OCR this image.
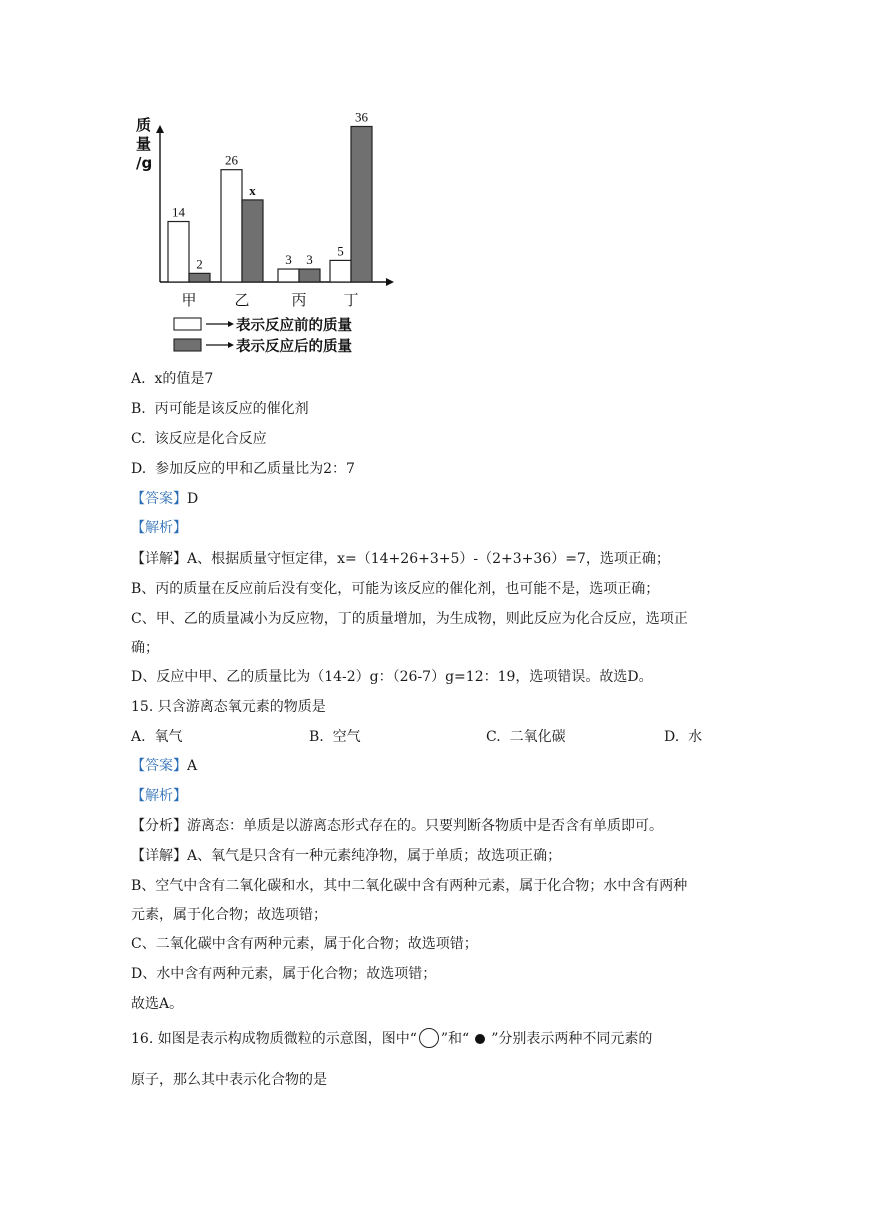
质
量
/g
14
2
甲
26
x
乙
3 3
丙
5
36
丁
表示反应前的质量
表示反应后的质量
A. x的值是7
B. 丙可能是该反应的催化剂
C. 该反应是化合反应
D. 参加反应的甲和乙质量比为2：7
【答案】D
【解析】
【详解】A、根据质量守恒定律，x=（14+26+3+5）-（2+3+36）=7，选项正确；
B、丙的质量在反应前后没有变化，可能为该反应的催化剂，也可能不是，选项正确；
C、甲、乙的质量减小为反应物，丁的质量增加，为生成物，则此反应为化合反应，选项正
确；
D、反应中甲、乙的质量比为（14-2）g：（26-7）g=12：19，选项错误。故选D。
15. 只含游离态氧元素的物质是
A. 氧气	B. 空气	C. 二氧化碳	D. 水
【答案】A
【解析】
【分析】游离态：单质是以游离态形式存在的。只要判断各物质中是否含有单质即可。
【详解】A、氧气是只含有一种元素纯净物，属于单质；故选项正确；
B、空气中含有二氧化碳和水，其中二氧化碳中含有两种元素，属于化合物；水中含有两种
元素，属于化合物；故选项错；
C、二氧化碳中含有两种元素，属于化合物；故选项错；
D、水中含有两种元素，属于化合物；故选项错；
故选A。
16. 如图是表示构成物质微粒的示意图，图中“ ”和“ ”分别表示两种不同元素的
原子，那么其中表示化合物的是
